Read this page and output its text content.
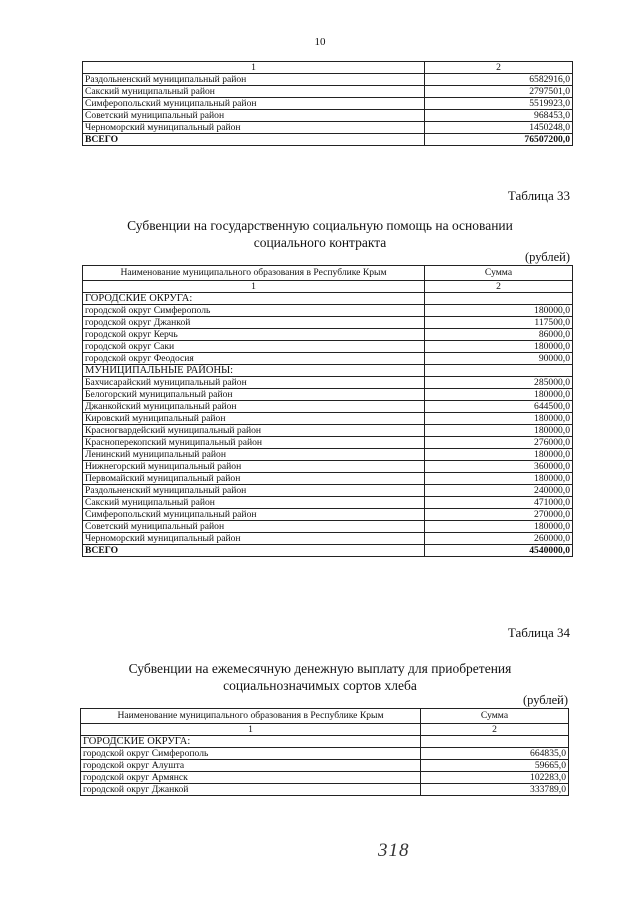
10
1	2
Раздольненский муниципальный район	6582916,0
Сакский муниципальный район	2797501,0
Симферопольский муниципальный район	5519923,0
Советский муниципальный район	968453,0
Черноморский муниципальный район	1450248,0
ВСЕГО	76507200,0
Таблица 33
Субвенции на государственную социальную помощь на основании
социального контракта
(рублей)
Наименование муниципального образования в Республике Крым	Сумма
1	2
ГОРОДСКИЕ ОКРУГА:	
городской округ Симферополь	180000,0
городской округ Джанкой	117500,0
городской округ Керчь	86000,0
городской округ Саки	180000,0
городской округ Феодосия	90000,0
МУНИЦИПАЛЬНЫЕ РАЙОНЫ:	
Бахчисарайский муниципальный район	285000,0
Белогорский муниципальный район	180000,0
Джанкойский муниципальный район	644500,0
Кировский муниципальный район	180000,0
Красногвардейский муниципальный район	180000,0
Красноперекопский муниципальный район	276000,0
Ленинский муниципальный район	180000,0
Нижнегорский муниципальный район	360000,0
Первомайский муниципальный район	180000,0
Раздольненский муниципальный район	240000,0
Сакский муниципальный район	471000,0
Симферопольский муниципальный район	270000,0
Советский муниципальный район	180000,0
Черноморский муниципальный район	260000,0
ВСЕГО	4540000,0
Таблица 34
Субвенции на ежемесячную денежную выплату для приобретения
социальнозначимых сортов хлеба
(рублей)
Наименование муниципального образования в Республике Крым	Сумма
1	2
ГОРОДСКИЕ ОКРУГА:	
городской округ Симферополь	664835,0
городской округ Алушта	59665,0
городской округ Армянск	102283,0
городской округ Джанкой	333789,0
318
